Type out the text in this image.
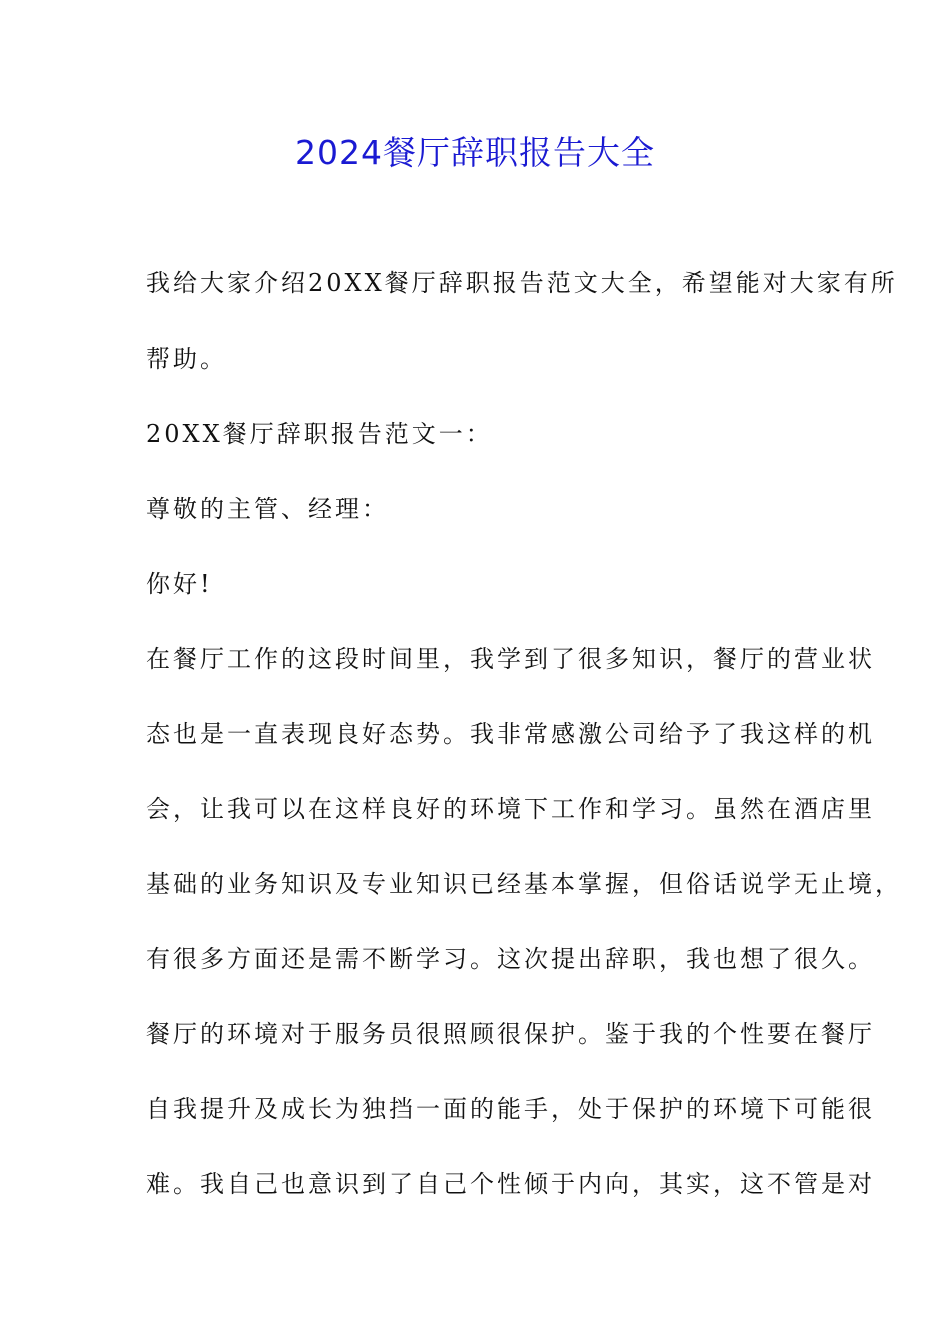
2024餐厅辞职报告大全

我给大家介绍20XX餐厅辞职报告范文大全，希望能对大家有所

帮助。

20XX餐厅辞职报告范文一：

尊敬的主管、经理：

你好!

在餐厅工作的这段时间里，我学到了很多知识，餐厅的营业状

态也是一直表现良好态势。我非常感激公司给予了我这样的机

会，让我可以在这样良好的环境下工作和学习。虽然在酒店里

基础的业务知识及专业知识已经基本掌握，但俗话说学无止境，

有很多方面还是需不断学习。这次提出辞职，我也想了很久。

餐厅的环境对于服务员很照顾很保护。鉴于我的个性要在餐厅

自我提升及成长为独挡一面的能手，处于保护的环境下可能很

难。我自己也意识到了自己个性倾于内向，其实，这不管是对
